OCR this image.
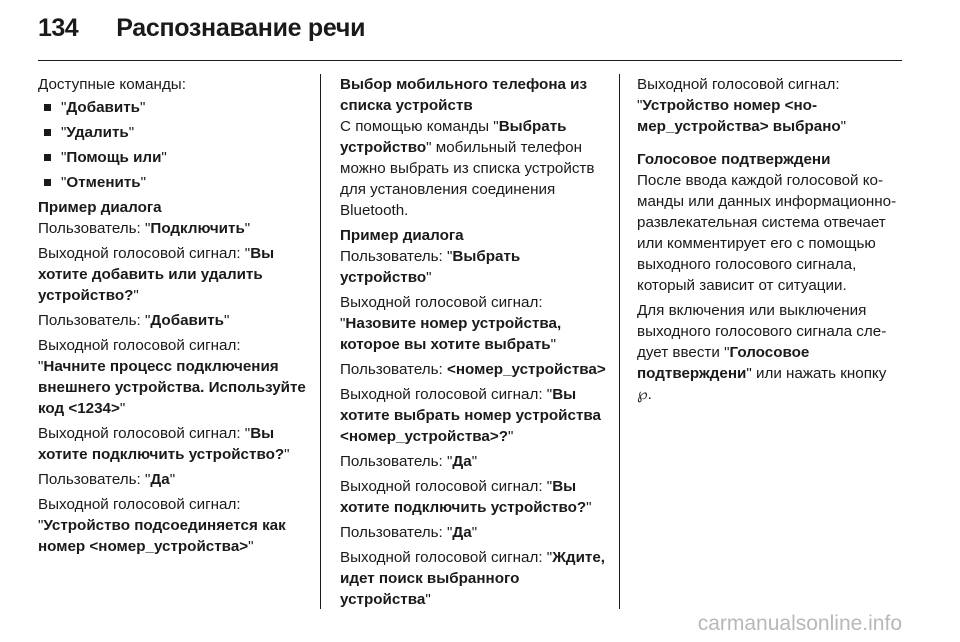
134 Распознавание речи

Доступные команды:

" Добавить "
" Удалить "
" Помощь или "
" Отменить "

Пример диалога

Пользователь: "Подключить"

Выходной голосовой сигнал: "Вы хотите добавить или удалить устройство?"

Пользователь: "Добавить"

Выходной голосовой сигнал: "Начните процесс подключения внешнего устройства. Используйте код <1234>"

Выходной голосовой сигнал: "Вы хотите подключить устройство?"

Пользователь: "Да"

Выходной голосовой сигнал: "Устройство подсоединяется как номер <номер_устройства>"

Выбор мобильного телефона из списка устройств

С помощью команды "Выбрать устройство" мобильный телефон можно выбрать из списка устройств для установления соединения Bluetooth.

Пример диалога

Пользователь: "Выбрать устройство"

Выходной голосовой сигнал: "Назовите номер устройства, которое вы хотите выбрать"

Пользователь: <номер_устройства>

Выходной голосовой сигнал: "Вы хотите выбрать номер устройства <номер_устройства>?"

Пользователь: "Да"

Выходной голосовой сигнал: "Вы хотите подключить устройство?"

Пользователь: "Да"

Выходной голосовой сигнал: "Ждите, идет поиск выбранного устройства"

Выходной голосовой сигнал: "Устройство номер <номер_устройства> выбрано"

Голосовое подтверждени

После ввода каждой голосовой команды или данных информационно-развлекательная система отвечает или комментирует его с помощью выходного голосового сигнала, который зависит от ситуации.

Для включения или выключения выходного голосового сигнала следует ввести "Голосовое подтверждени" или нажать кнопку ℘.

carmanualsonline.info
